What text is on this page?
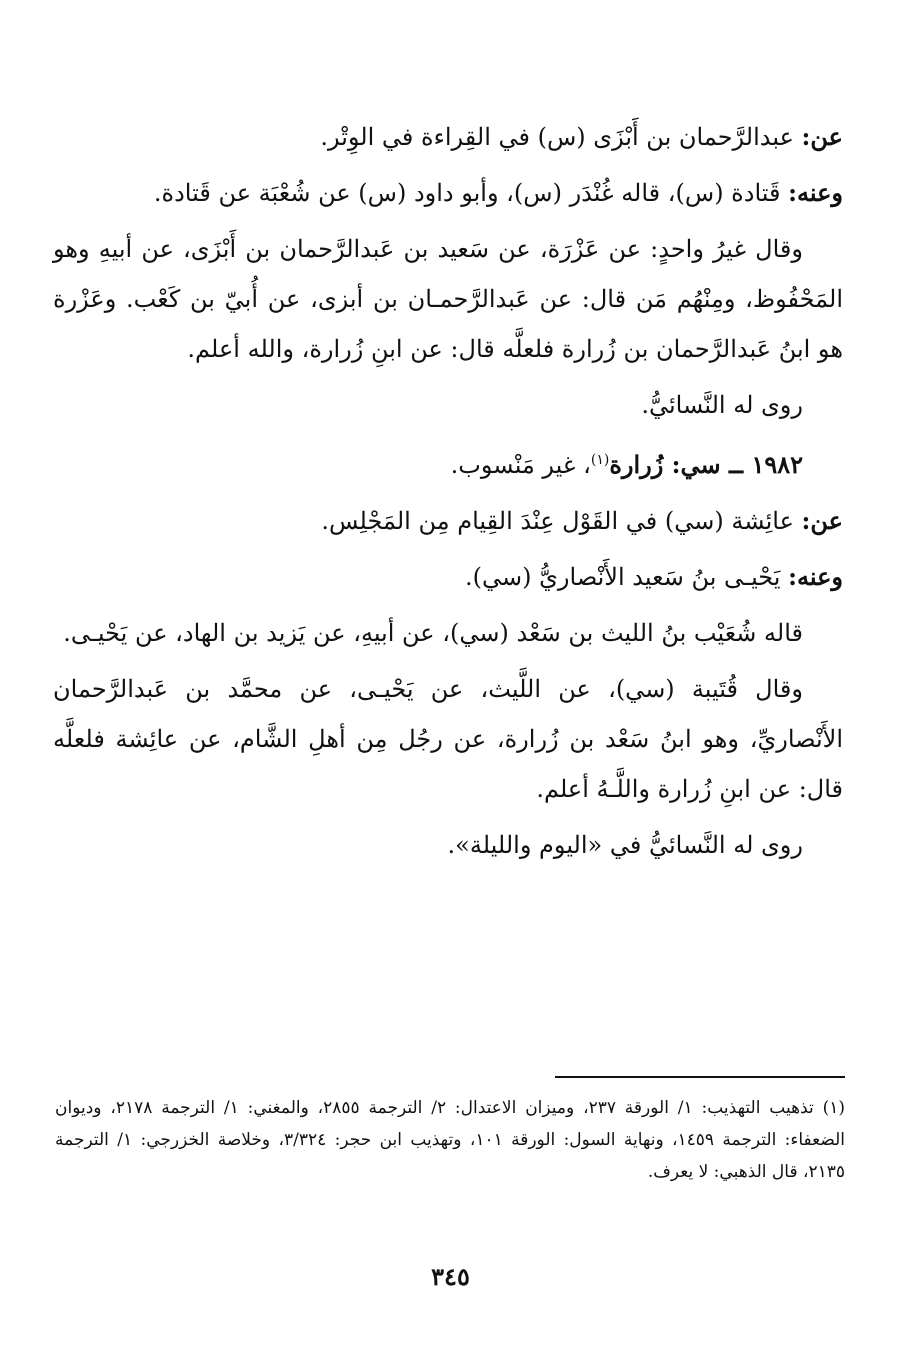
عن: عبدالرَّحمان بن أَبْزَى (س) في القِراءة في الوِتْر.

وعنه: قَتادة (س)، قاله غُنْدَر (س)، وأبو داود (س) عن شُعْبَة عن قَتادة.

وقال غيرُ واحدٍ: عن عَزْرَة، عن سَعيد بن عَبدالرَّحمان بن أَبْزَى، عن أبيهِ وهو المَحْفُوظ، ومِنْهُم مَن قال: عن عَبدالرَّحمـان بن أبزى، عن أُبيّ بن كَعْب. وعَزْرة هو ابنُ عَبدالرَّحمان بن زُرارة فلعلَّه قال: عن ابنِ زُرارة، والله أعلم.

روى له النَّسائيُّ.

١٩٨٢ ــ سي: زُرارة$^{(١)}$، غير مَنْسوب.

عن: عائِشة (سي) في القَوْل عِنْدَ القِيام مِن المَجْلِس.

وعنه: يَحْيـى بنُ سَعيد الأَنْصاريُّ (سي).

قاله شُعَيْب بنُ الليث بن سَعْد (سي)، عن أبيهِ، عن يَزيد بن الهاد، عن يَحْيـى.

وقال قُتَيبة (سي)، عن اللَّيث، عن يَحْيـى، عن محمَّد بن عَبدالرَّحمان الأَنْصاريِّ، وهو ابنُ سَعْد بن زُرارة، عن رجُل مِن أهلِ الشَّام، عن عائِشة فلعلَّه قال: عن ابنِ زُرارة واللَّـهُ أعلم.

روى له النَّسائيُّ في «اليوم والليلة».

(١) تذهيب التهذيب: ١/ الورقة ٢٣٧، وميزان الاعتدال: ٢/ الترجمة ٢٨٥٥، والمغني: ١/ الترجمة ٢١٧٨، وديوان الضعفاء: الترجمة ١٤٥٩، ونهاية السول: الورقة ١٠١، وتهذيب ابن حجر: ٣/٣٢٤، وخلاصة الخزرجي: ١/ الترجمة ٢١٣٥، قال الذهبي: لا يعرف.

٣٤٥
